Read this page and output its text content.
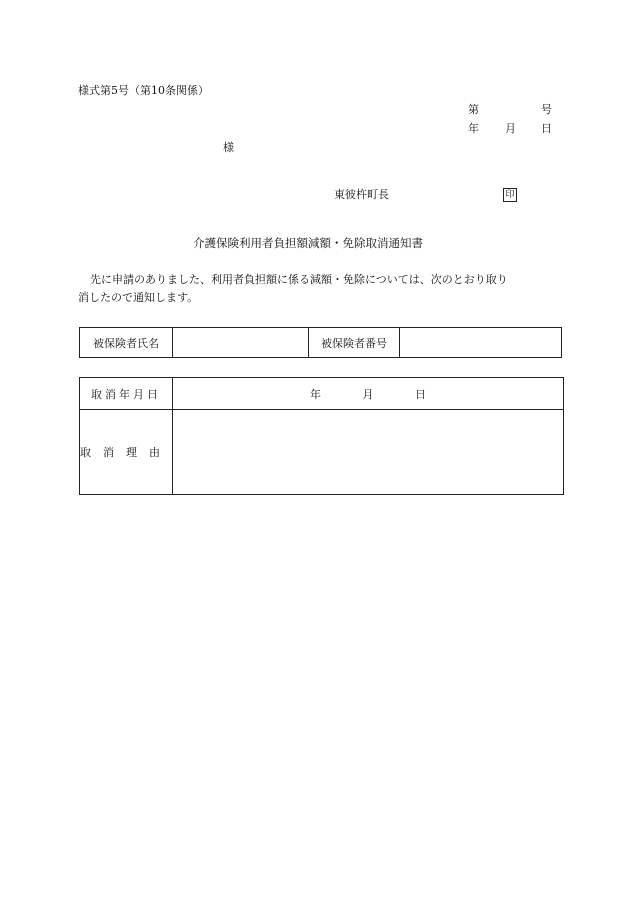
様式第5号（第10条関係）
第	号
年 月 日
様
東彼杵町長	印
介護保険利用者負担額減額・免除取消通知書
先に申請のありました、利用者負担額に係る減額・免除については、次のとおり取り
消したので通知します。
被保険者氏名		被保険者番号	
取消年月日	年 月 日
取消理由	
